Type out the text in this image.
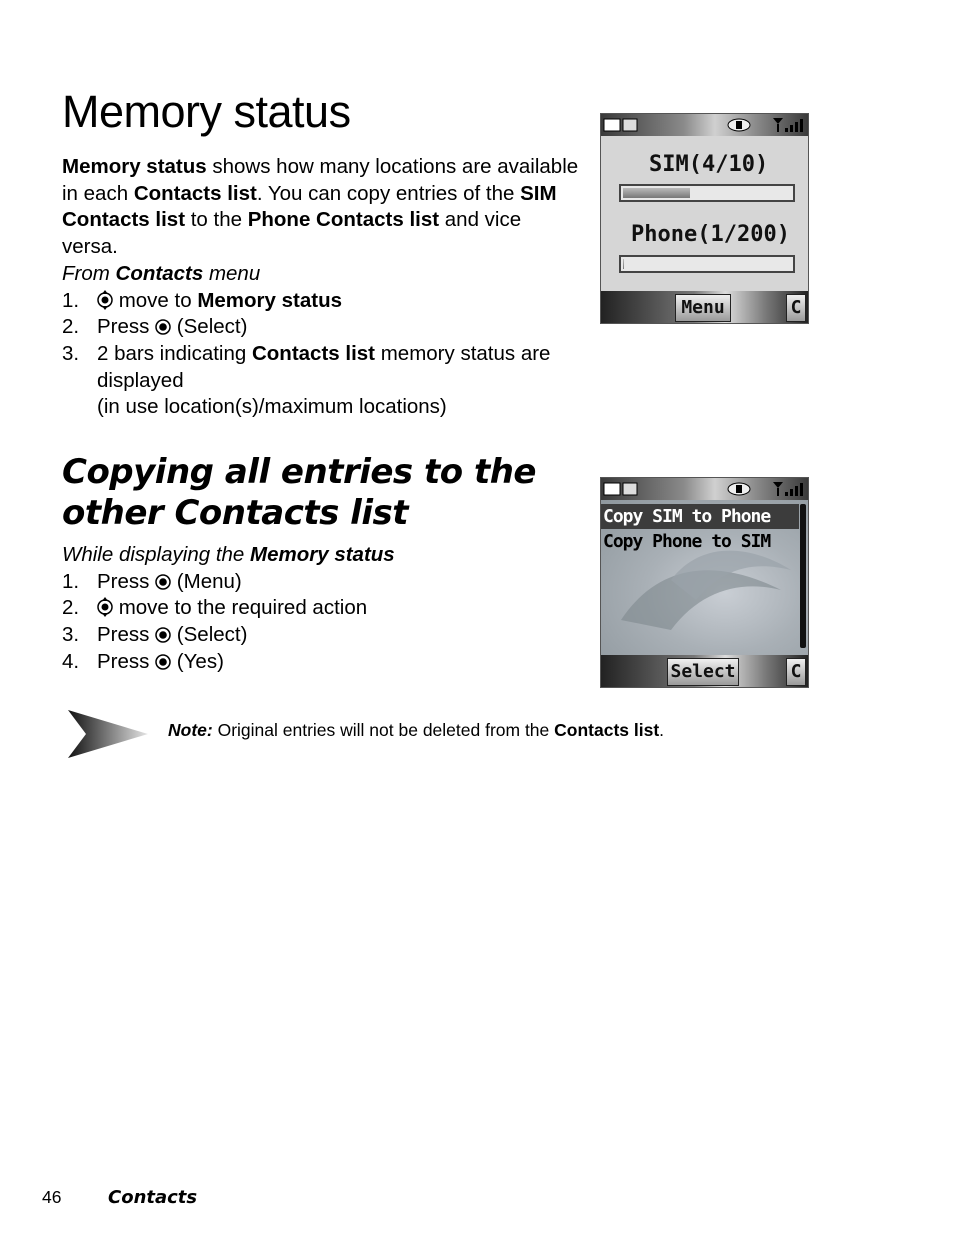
Memory status
Memory status shows how many locations are available in each Contacts list. You can copy entries of the SIM Contacts list to the Phone Contacts list and vice versa.
From Contacts menu
1. move to Memory status
2. Press  (Select)
3. 2 bars indicating Contacts list memory status are displayed
(in use location(s)/maximum locations)
SIM(4/10)
Phone(1/200)
Menu	C
Copying all entries to the
other Contacts list
While displaying the Memory status
1. Press  (Menu)
2. move to the required action
3. Press  (Select)
4. Press  (Yes)
Copy SIM to Phone
Copy Phone to SIM
Select	C
Note: Original entries will not be deleted from the Contacts list.
46	Contacts
